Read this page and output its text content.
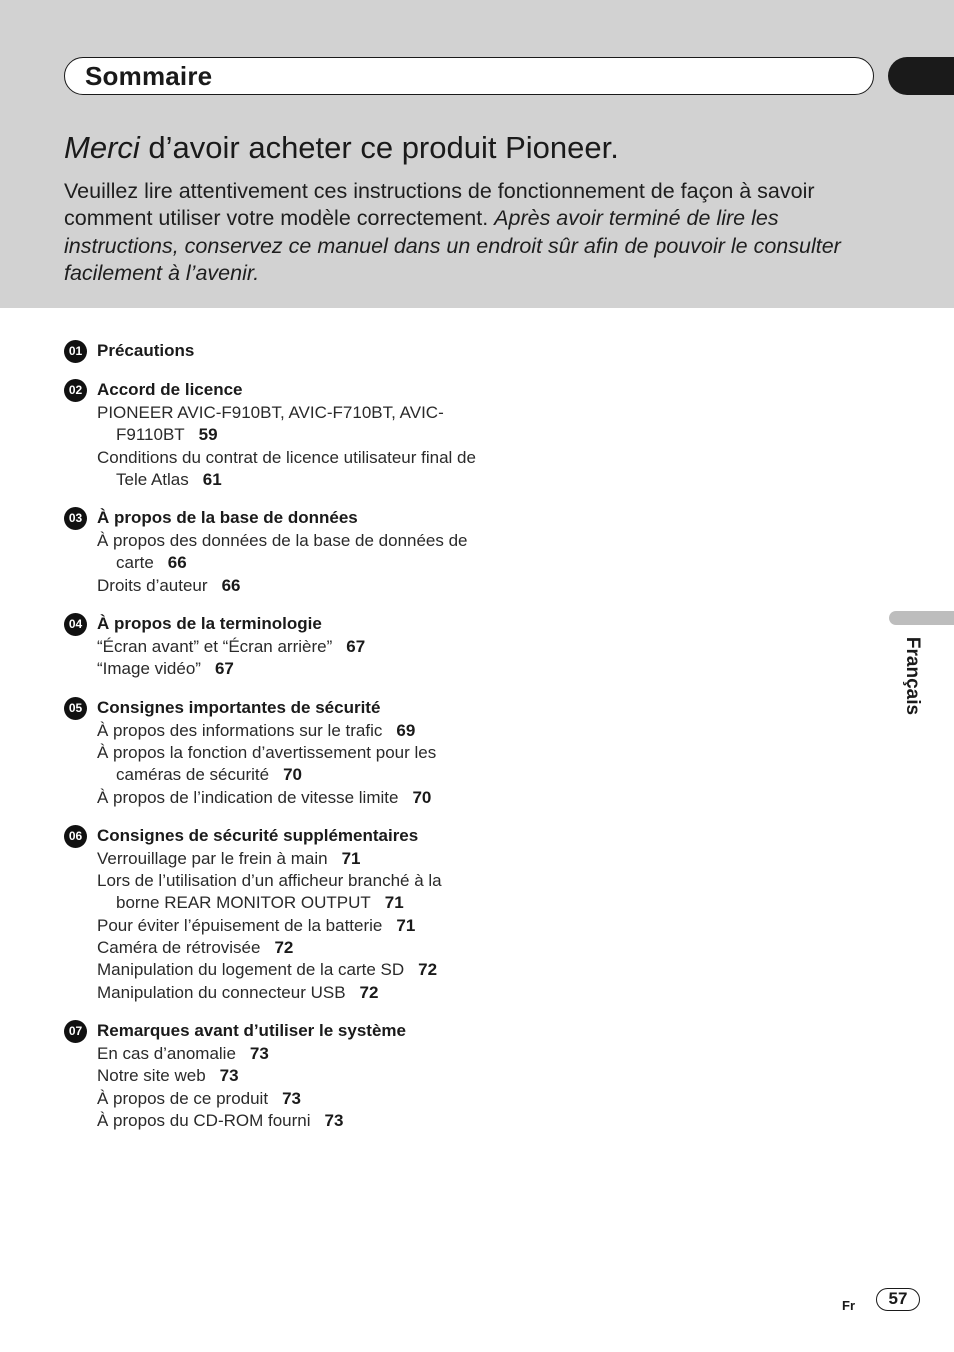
Sommaire
Merci d’avoir acheter ce produit Pioneer.

Veuillez lire attentivement ces instructions de fonctionnement de façon à savoir comment utiliser votre modèle correctement. Après avoir terminé de lire les instructions, conservez ce manuel dans un endroit sûr afin de pouvoir le consulter facilement à l’avenir.

01 Précautions
02 Accord de licence
PIONEER AVIC-F910BT, AVIC-F710BT, AVIC-F9110BT 59
Conditions du contrat de licence utilisateur final de Tele Atlas 61
03 À propos de la base de données
À propos des données de la base de données de carte 66
Droits d’auteur 66
04 À propos de la terminologie
“Écran avant” et “Écran arrière” 67
“Image vidéo” 67
05 Consignes importantes de sécurité
À propos des informations sur le trafic 69
À propos la fonction d’avertissement pour les caméras de sécurité 70
À propos de l’indication de vitesse limite 70
06 Consignes de sécurité supplémentaires
Verrouillage par le frein à main 71
Lors de l’utilisation d’un afficheur branché à la borne REAR MONITOR OUTPUT 71
Pour éviter l’épuisement de la batterie 71
Caméra de rétrovisée 72
Manipulation du logement de la carte SD 72
Manipulation du connecteur USB 72
07 Remarques avant d’utiliser le système
En cas d’anomalie 73
Notre site web 73
À propos de ce produit 73
À propos du CD-ROM fourni 73
Français
Fr	57
